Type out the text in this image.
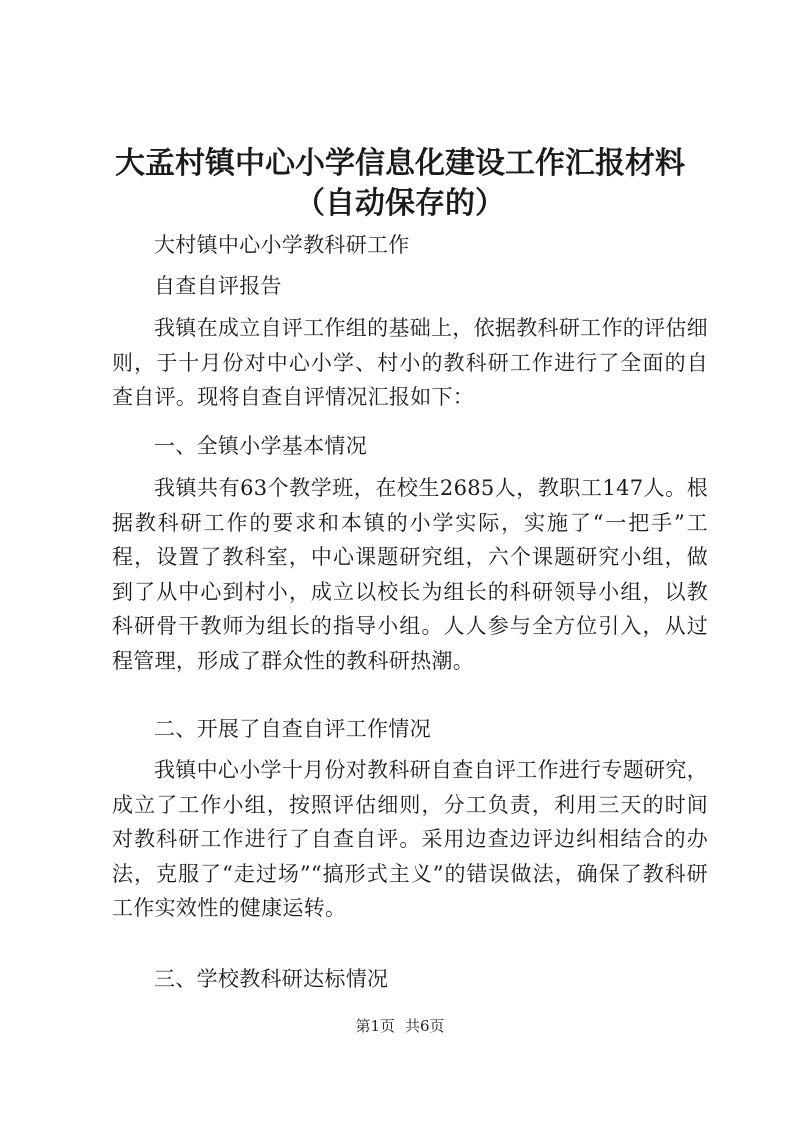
大孟村镇中心小学信息化建设工作汇报材料
（自动保存的）

大村镇中心小学教科研工作

自查自评报告

我镇在成立自评工作组的基础上，依据教科研工作的评估细则，于十月份对中心小学、村小的教科研工作进行了全面的自查自评。现将自查自评情况汇报如下：

一、全镇小学基本情况

我镇共有63个教学班，在校生2685人，教职工147人。根据教科研工作的要求和本镇的小学实际，实施了“一把手”工程，设置了教科室，中心课题研究组，六个课题研究小组，做到了从中心到村小，成立以校长为组长的科研领导小组，以教科研骨干教师为组长的指导小组。人人参与全方位引入，从过程管理，形成了群众性的教科研热潮。

二、开展了自查自评工作情况

我镇中心小学十月份对教科研自查自评工作进行专题研究，成立了工作小组，按照评估细则，分工负责，利用三天的时间对教科研工作进行了自查自评。采用边查边评边纠相结合的办法，克服了“走过场”“搞形式主义”的错误做法，确保了教科研工作实效性的健康运转。

三、学校教科研达标情况

第1页 共6页
